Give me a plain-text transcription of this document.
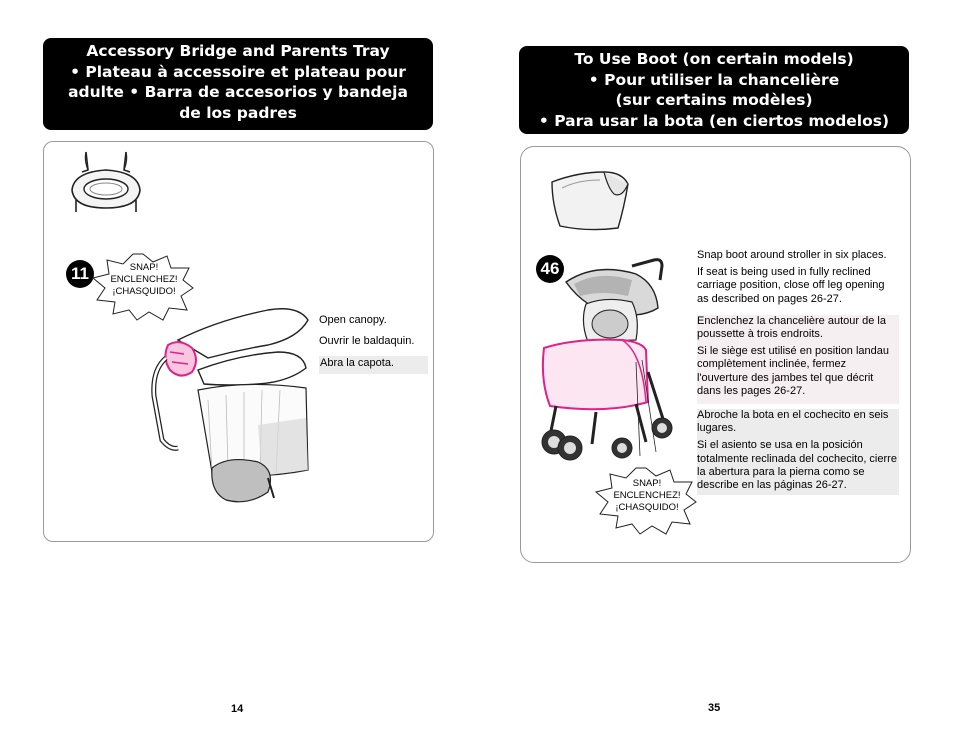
Accessory Bridge and Parents Tray
• Plateau à accessoire et plateau pour
adulte • Barra de accesorios y bandeja
de los padres
11	SNAP!
ENCLENCHEZ!
¡CHASQUIDO!

Open canopy.

Ouvrir le baldaquin.

Abra la capota.

14
To Use Boot (on certain models)
• Pour utiliser la chancelière
(sur certains modèles)
• Para usar la bota (en ciertos modelos)
46
SNAP!
ENCLENCHEZ!
¡CHASQUIDO!

Snap boot around stroller in six places.

If seat is being used in fully reclined carriage position, close off leg opening as described on pages 26-27.

Enclenchez la chancelière autour de la poussette à trois endroits.

Si le siège est utilisé en position landau complètement inclinée, fermez l'ouverture des jambes tel que décrit dans les pages 26-27.

Abroche la bota en el cochecito en seis lugares.

Si el asiento se usa en la posición totalmente reclinada del cochecito, cierre la abertura para la pierna como se describe en las páginas 26-27.

35
